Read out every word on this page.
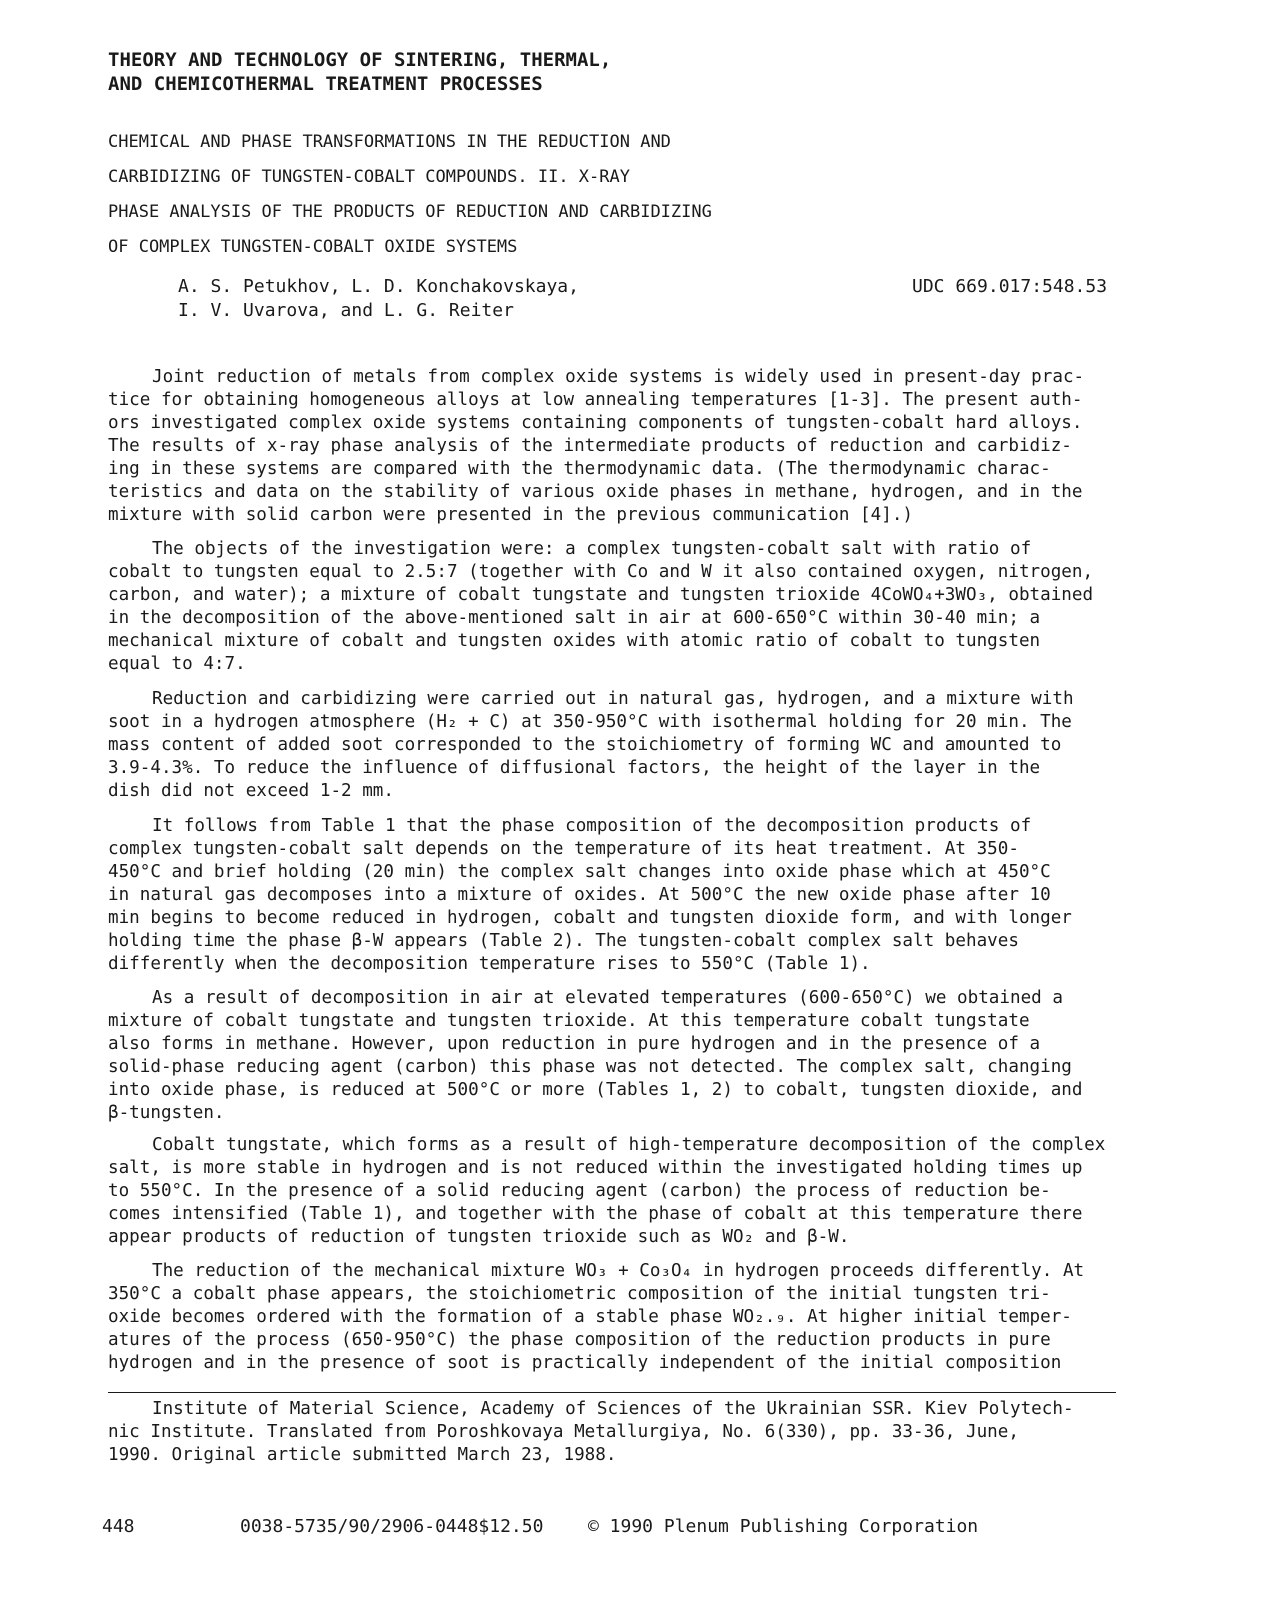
THEORY AND TECHNOLOGY OF SINTERING, THERMAL,
AND CHEMICOTHERMAL TREATMENT PROCESSES
CHEMICAL AND PHASE TRANSFORMATIONS IN THE REDUCTION AND
CARBIDIZING OF TUNGSTEN-COBALT COMPOUNDS. II. X-RAY
PHASE ANALYSIS OF THE PRODUCTS OF REDUCTION AND CARBIDIZING
OF COMPLEX TUNGSTEN-COBALT OXIDE SYSTEMS
A. S. Petukhov, L. D. Konchakovskaya,
I. V. Uvarova, and L. G. Reiter
UDC 669.017:548.53
Joint reduction of metals from complex oxide systems is widely used in present-day prac-
tice for obtaining homogeneous alloys at low annealing temperatures [1-3]. The present auth-
ors investigated complex oxide systems containing components of tungsten-cobalt hard alloys.
The results of x-ray phase analysis of the intermediate products of reduction and carbidiz-
ing in these systems are compared with the thermodynamic data. (The thermodynamic charac-
teristics and data on the stability of various oxide phases in methane, hydrogen, and in the
mixture with solid carbon were presented in the previous communication [4].)
The objects of the investigation were: a complex tungsten-cobalt salt with ratio of
cobalt to tungsten equal to 2.5:7 (together with Co and W it also contained oxygen, nitrogen,
carbon, and water); a mixture of cobalt tungstate and tungsten trioxide 4CoWO₄+3WO₃, obtained
in the decomposition of the above-mentioned salt in air at 600-650°C within 30-40 min; a
mechanical mixture of cobalt and tungsten oxides with atomic ratio of cobalt to tungsten
equal to 4:7.
Reduction and carbidizing were carried out in natural gas, hydrogen, and a mixture with
soot in a hydrogen atmosphere (H₂ + C) at 350-950°C with isothermal holding for 20 min. The
mass content of added soot corresponded to the stoichiometry of forming WC and amounted to
3.9-4.3%. To reduce the influence of diffusional factors, the height of the layer in the
dish did not exceed 1-2 mm.
It follows from Table 1 that the phase composition of the decomposition products of
complex tungsten-cobalt salt depends on the temperature of its heat treatment. At 350-
450°C and brief holding (20 min) the complex salt changes into oxide phase which at 450°C
in natural gas decomposes into a mixture of oxides. At 500°C the new oxide phase after 10
min begins to become reduced in hydrogen, cobalt and tungsten dioxide form, and with longer
holding time the phase β-W appears (Table 2). The tungsten-cobalt complex salt behaves
differently when the decomposition temperature rises to 550°C (Table 1).
As a result of decomposition in air at elevated temperatures (600-650°C) we obtained a
mixture of cobalt tungstate and tungsten trioxide. At this temperature cobalt tungstate
also forms in methane. However, upon reduction in pure hydrogen and in the presence of a
solid-phase reducing agent (carbon) this phase was not detected. The complex salt, changing
into oxide phase, is reduced at 500°C or more (Tables 1, 2) to cobalt, tungsten dioxide, and
β-tungsten.
Cobalt tungstate, which forms as a result of high-temperature decomposition of the complex
salt, is more stable in hydrogen and is not reduced within the investigated holding times up
to 550°C. In the presence of a solid reducing agent (carbon) the process of reduction be-
comes intensified (Table 1), and together with the phase of cobalt at this temperature there
appear products of reduction of tungsten trioxide such as WO₂ and β-W.
The reduction of the mechanical mixture WO₃ + Co₃O₄ in hydrogen proceeds differently. At
350°C a cobalt phase appears, the stoichiometric composition of the initial tungsten tri-
oxide becomes ordered with the formation of a stable phase WO₂.₉. At higher initial temper-
atures of the process (650-950°C) the phase composition of the reduction products in pure
hydrogen and in the presence of soot is practically independent of the initial composition
Institute of Material Science, Academy of Sciences of the Ukrainian SSR. Kiev Polytech-
nic Institute. Translated from Poroshkovaya Metallurgiya, No. 6(330), pp. 33-36, June,
1990. Original article submitted March 23, 1988.
448	0038-5735/90/2906-0448$12.50 © 1990 Plenum Publishing Corporation
